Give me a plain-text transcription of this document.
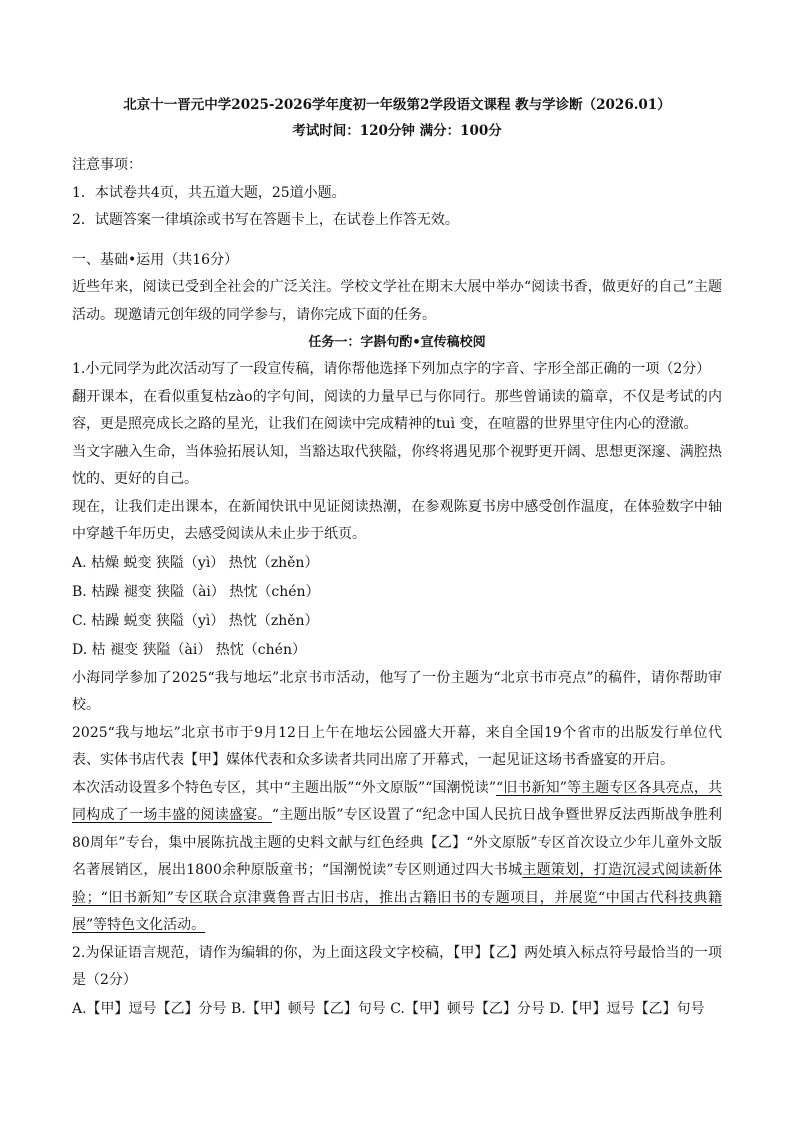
北京十一晋元中学2025-2026学年度初一年级第2学段语文课程 教与学诊断（2026.01）
考试时间：120分钟 满分：100分

注意事项：

1．本试卷共4页，共五道大题，25道小题。

2．试题答案一律填涂或书写在答题卡上，在试卷上作答无效。

一、基础•运用（共16分）

近些年来，阅读已受到全社会的广泛关注。学校文学社在期末大展中举办“阅读书香，做更好的自己”主题活动。现邀请元创年级的同学参与，请你完成下面的任务。

任务一：字斟句酌•宣传稿校阅

1.小元同学为此次活动写了一段宣传稿，请你帮他选择下列加点字的字音、字形全部正确的一项（2分）

翻开课本，在看似重复枯zào的字句间，阅读的力量早已与你同行。那些曾诵读的篇章，不仅是考试的内容，更是照亮成长之路的星光，让我们在阅读中完成精神的tuì 变，在喧嚣的世界里守住内心的澄澈。

当文字融入生命，当体验拓展认知，当豁达取代狭隘，你终将遇见那个视野更开阔、思想更深邃、满腔热忱的、更好的自己。

现在，让我们走出课本，在新闻快讯中见证阅读热潮，在参观陈夏书房中感受创作温度，在体验数字中轴中穿越千年历史，去感受阅读从未止步于纸页。

A. 枯燥 蜕变 狭隘（yì） 热忱（zhěn）

B. 枯躁 褪变 狭隘（ài） 热忱（chén）

C. 枯躁 蜕变 狭隘（yì） 热忱（zhěn）

D. 枯 褪变 狭隘（ài） 热忱（chén）

小海同学参加了2025“我与地坛”北京书市活动，他写了一份主题为“北京书市亮点”的稿件，请你帮助审校。

2025“我与地坛”北京书市于9月12日上午在地坛公园盛大开幕，来自全国19个省市的出版发行单位代表、实体书店代表【甲】媒体代表和众多读者共同出席了开幕式，一起见证这场书香盛宴的开启。

本次活动设置多个特色专区，其中“主题出版”“外文原版”“国潮悦读”“旧书新知”等主题专区各具亮点，共同构成了一场丰盛的阅读盛宴。“主题出版”专区设置了“纪念中国人民抗日战争暨世界反法西斯战争胜利80周年”专台，集中展陈抗战主题的史料文献与红色经典【乙】“外文原版”专区首次设立少年儿童外文版名著展销区，展出1800余种原版童书；“国潮悦读”专区则通过四大书城主题策划，打造沉浸式阅读新体验；“旧书新知”专区联合京津冀鲁晋古旧书店，推出古籍旧书的专题项目，并展览“中国古代科技典籍展”等特色文化活动。

2.为保证语言规范，请作为编辑的你，为上面这段文字校稿，【甲】【乙】两处填入标点符号最恰当的一项是（2分）

A.【甲】逗号【乙】分号 B.【甲】顿号【乙】句号 C.【甲】顿号【乙】分号 D.【甲】逗号【乙】句号
